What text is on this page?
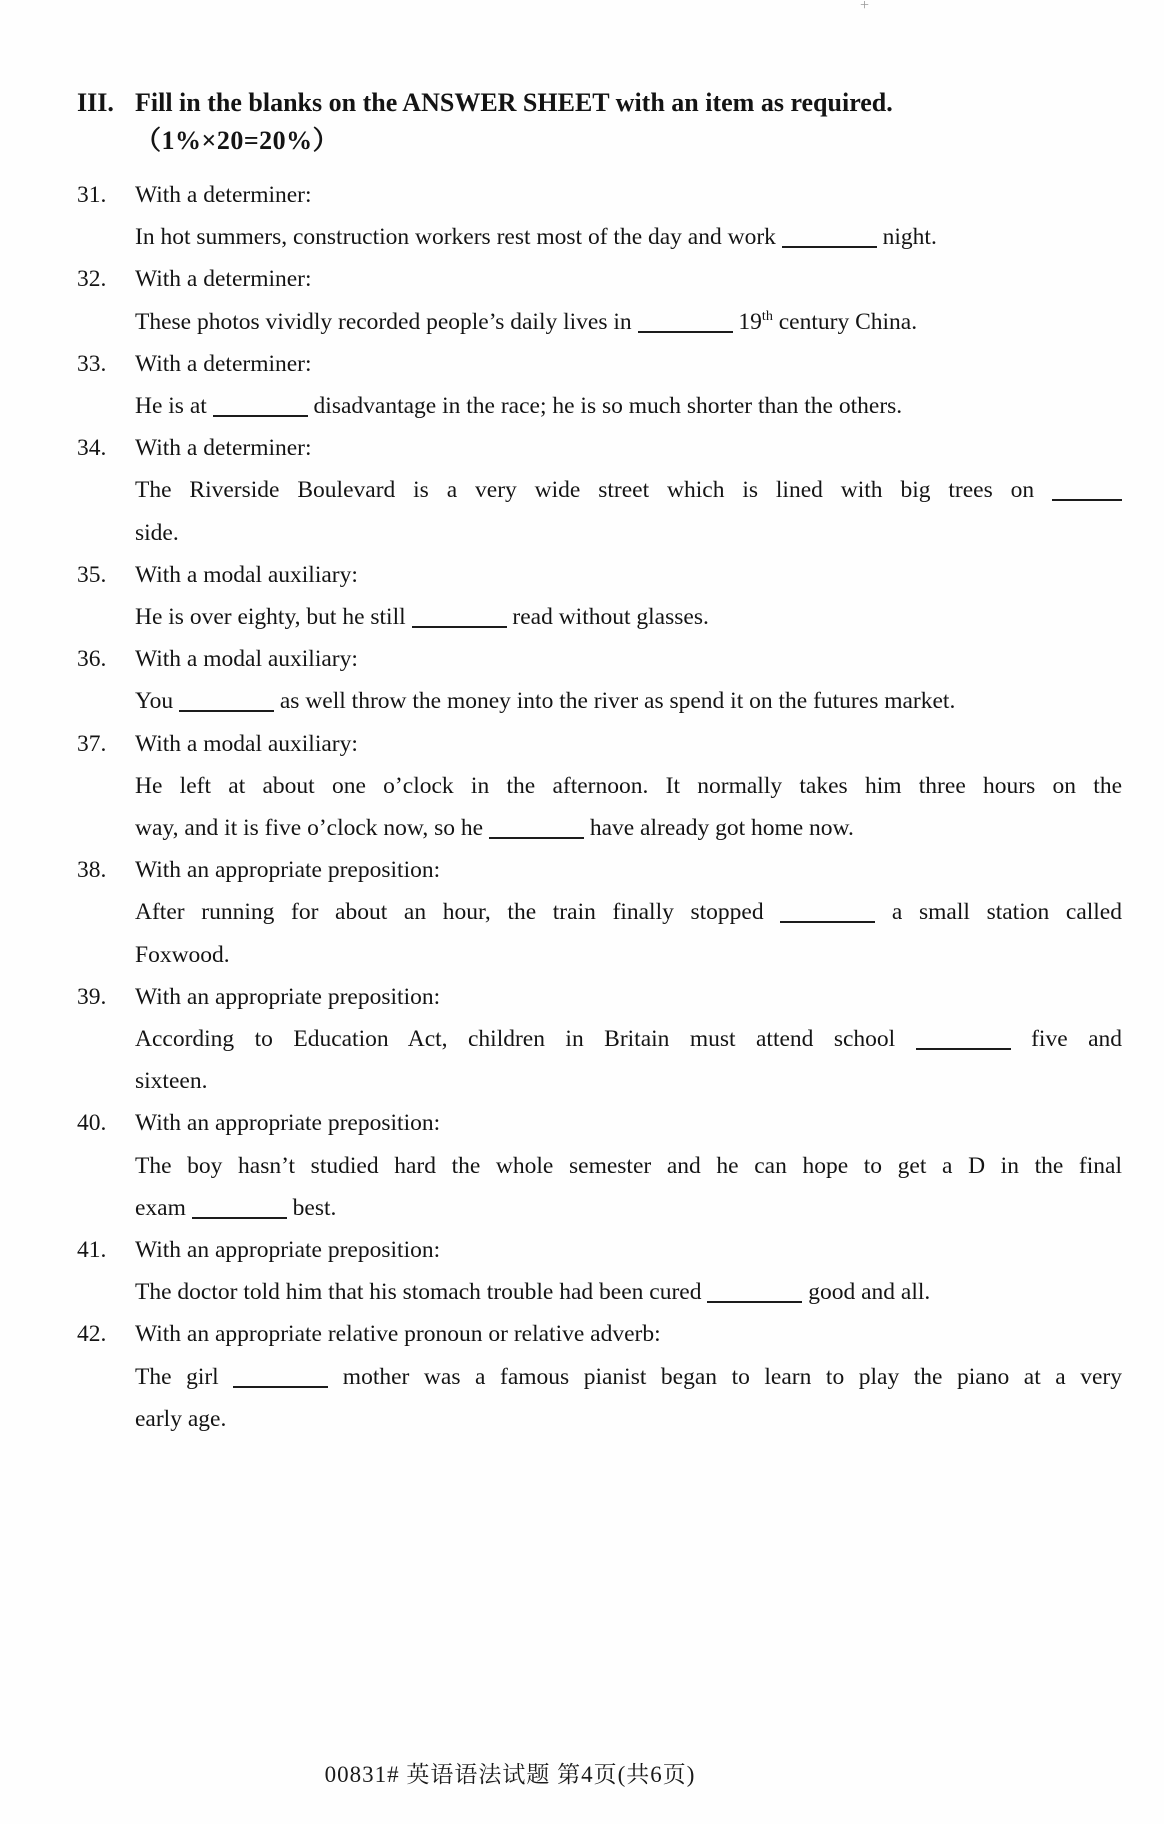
+
III. Fill in the blanks on the ANSWER SHEET with an item as required.
（1%×20=20%）
31.	With a determiner:
In hot summers, construction workers rest most of the day and work	night.
32.	With a determiner:
These photos vividly recorded people’s daily lives in	19th century China.
33.	With a determiner:
He is at	disadvantage in the race; he is so much shorter than the others.
34.	With a determiner:
The Riverside Boulevard is a very wide street which is lined with big trees on
side.
35.	With a modal auxiliary:
He is over eighty, but he still	read without glasses.
36.	With a modal auxiliary:
You	as well throw the money into the river as spend it on the futures market.
37.	With a modal auxiliary:
He left at about one o’clock in the afternoon. It normally takes him three hours on the
way, and it is five o’clock now, so he	have already got home now.
38.	With an appropriate preposition:
After running for about an hour, the train finally stopped	a small station called
Foxwood.
39.	With an appropriate preposition:
According to Education Act, children in Britain must attend school	five and
sixteen.
40.	With an appropriate preposition:
The boy hasn’t studied hard the whole semester and he can hope to get a D in the final
exam	best.
41.	With an appropriate preposition:
The doctor told him that his stomach trouble had been cured	good and all.
42.	With an appropriate relative pronoun or relative adverb:
The girl	mother was a famous pianist began to learn to play the piano at a very
early age.
00831# 英语语法试题 第4页(共6页)
